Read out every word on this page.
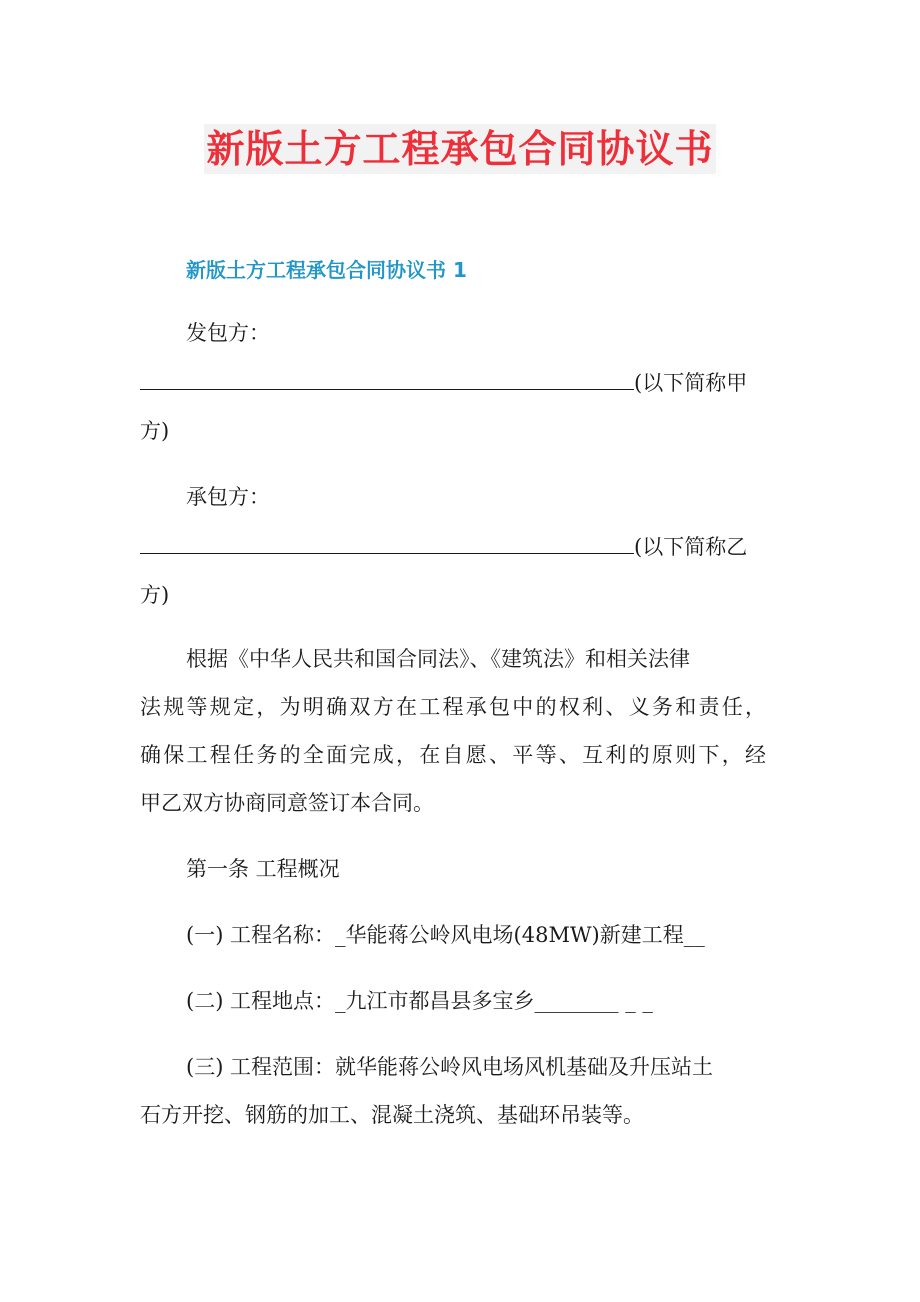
新版土方工程承包合同协议书
新版土方工程承包合同协议书 1
发包方：
(以下简称甲
方)
承包方：
(以下简称乙
方)
根据《中华人民共和国合同法》、《建筑法》和相关法律
法规等规定，为明确双方在工程承包中的权利、义务和责任，
确保工程任务的全面完成，在自愿、平等、互利的原则下，经
甲乙双方协商同意签订本合同。
第一条 工程概况
(一) 工程名称：_华能蒋公岭风电场(48MW)新建工程__
(二) 工程地点：_九江市都昌县多宝乡________ _ _
(三) 工程范围：就华能蒋公岭风电场风机基础及升压站土
石方开挖、钢筋的加工、混凝土浇筑、基础环吊装等。
